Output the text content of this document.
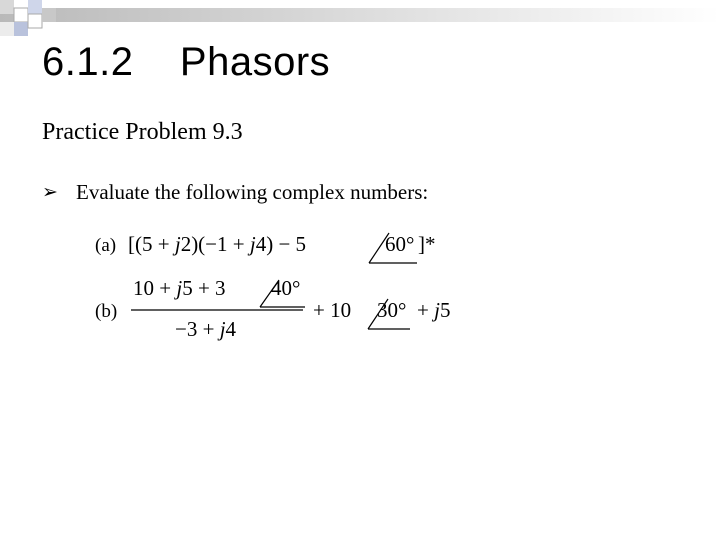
6.1.2    Phasors
Practice Problem 9.3
➢ Evaluate the following complex numbers:
(a) [(5 + j2)(−1 + j4) − 5	60° ]*
(b)
10 + j5 + 3 40°
−3 + j4
+ 10 30° + j5
